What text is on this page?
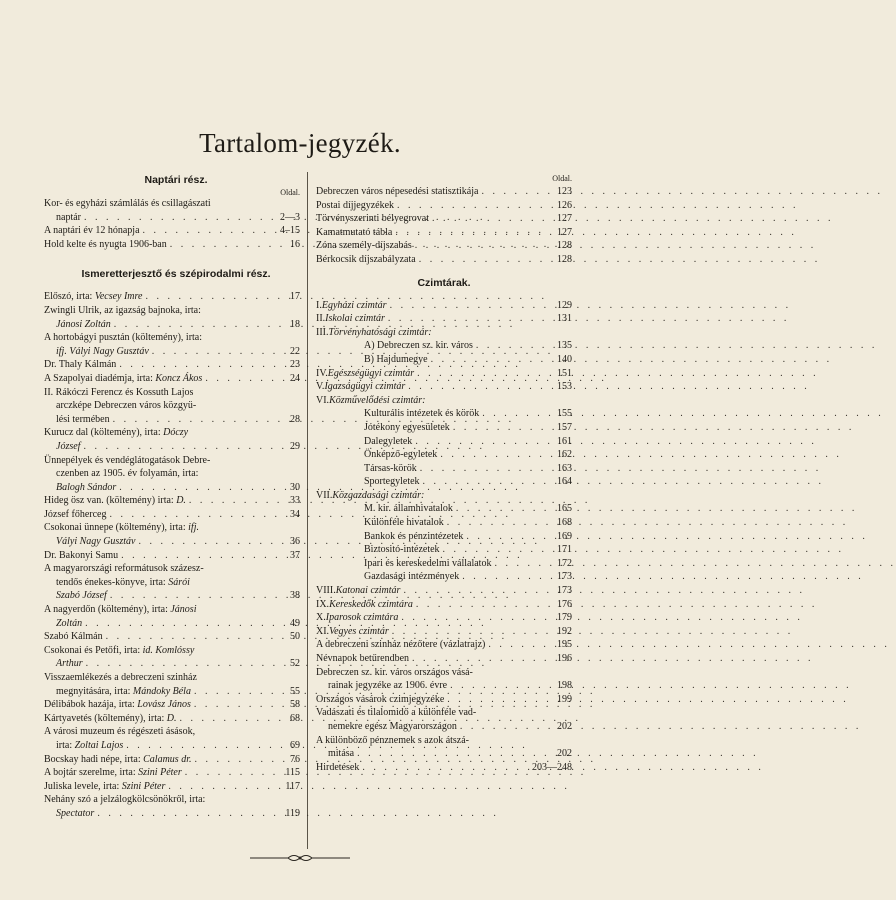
Tartalom-jegyzék.
Naptári rész.
Oldal.
Kor- és egyházi számlálás és csillagászati
naptár . . .	2—3
A naptári év 12 hónapja . . .	4–15
Hold kelte és nyugta 1906-ban . . .	16
Ismeretterjesztő és szépirodalmi rész.
Előszó, irta: Vecsey Imre . . .	17
Zwingli Ulrik, az igazság bajnoka, irta:
Jánosi Zoltán . . .	18
A hortobágyi pusztán (költemény), irta:
ifj. Vályi Nagy Gusztáv . . .	22
Dr. Thaly Kálmán . . .	23
A Szapolyai diadémja, irta: Koncz Ákos . . .	24
II. Rákóczi Ferencz és Kossuth Lajos
arczképe Debreczen város közgyü-
lési termében . . .	28
Kurucz dal (költemény), irta: Dóczy
József . . .	29
Ünnepélyek és vendéglátogatások Debre-
czenben az 1905. év folyamán, irta:
Balogh Sándor . . .	30
Hideg ösz van. (költemény) irta: D. . . .	33
József főherceg . . .	34
Csokonai ünnepe (költemény), irta: ifj.
Vályi Nagy Gusztáv . . .	36
Dr. Bakonyi Samu . . .	37
A magyarországi reformátusok százesz-
tendős énekes-könyve, irta: Sárói
Szabó József . . .	38
A nagyerdőn (költemény), irta: Jánosi
Zoltán . . .	49
Szabó Kálmán . . .	50
Csokonai és Petőfi, irta: id. Komlóssy
Arthur . . .	52
Visszaemlékezés a debreczeni szinház
megnyitására, irta: Mándoky Béla . . .	55
Délibábok hazája, irta: Lovász János . . .	58
Kártyavetés (költemény), irta: D. . . .	68
A városi muzeum és régészeti ásások,
irta: Zoltai Lajos . . .	69
Bocskay hadi népe, irta: Calamus dr. . . .	76
A bojtár szerelme, irta: Szini Péter . . .	115
Juliska levele, irta: Szini Péter . . .	117
Nehány szó a jelzálogkölcsönökről, irta:
Spectator . . .	119
Oldal.
Debreczen város népesedési statisztikája . . .	123
Postai díjjegyzékek . . .	126
Törvényszerinti bélyegrovat . . .	127
Kamatmutató tábla . . .	127
Zóna személy-díjszabás . . .	128
Bérkocsik díjszabályzata . . .	128
Czimtárak.
I.Egyházi czimtár . . .	129
II.Iskolai czimtár . . .	131
III.Törvényhatósági czimtár:
A) Debreczen sz. kir. város . . .	135
B) Hajdumegye . . .	140
IV.Egészségügyi czimtár . . .	151
V.Igazságügyi czimtár . . .	153
VI.Közművelődési czimtár:
Kulturális intézetek és körök . . .	155
Jótékony egyesületek . . .	157
Dalegyletek . . .	161
Önképző-egyletek . . .	162
Társas-körök . . .	163
Sportegyletek . . .	164
VII.Közgazdasági czimtár:
M. kir. államhivatalok . . .	165
Különféle hivatalok . . .	168
Bankok és pénzintézetek . . .	169
Biztositó-intézetek . . .	171
Ipari és kereskedelmi vállalatok . . .	172
Gazdasági intézmények . . .	173
VIII.Katonai czimtár . . .	173
IX.Kereskedők czimtára . . .	176
X.Iparosok czimtára . . .	179
XI.Vegyes czimtár . . .	192
A debreczeni szinház nézőtere (vázlatrajz) . . .	195
Névnapok betűrendben . . .	196
Debreczen sz. kir. város országos vásá-
rainak jegyzéke az 1906. évre . . .	198
Országos vásárok czimjegyzéke . . .	199
Vadászati és tilalomidő a különféle vad-
nemekre egész Magyarországon . . .	202
A különböző pénznemek s azok átszá-
mitása . . .	202
Hirdetések . . .	203—248
